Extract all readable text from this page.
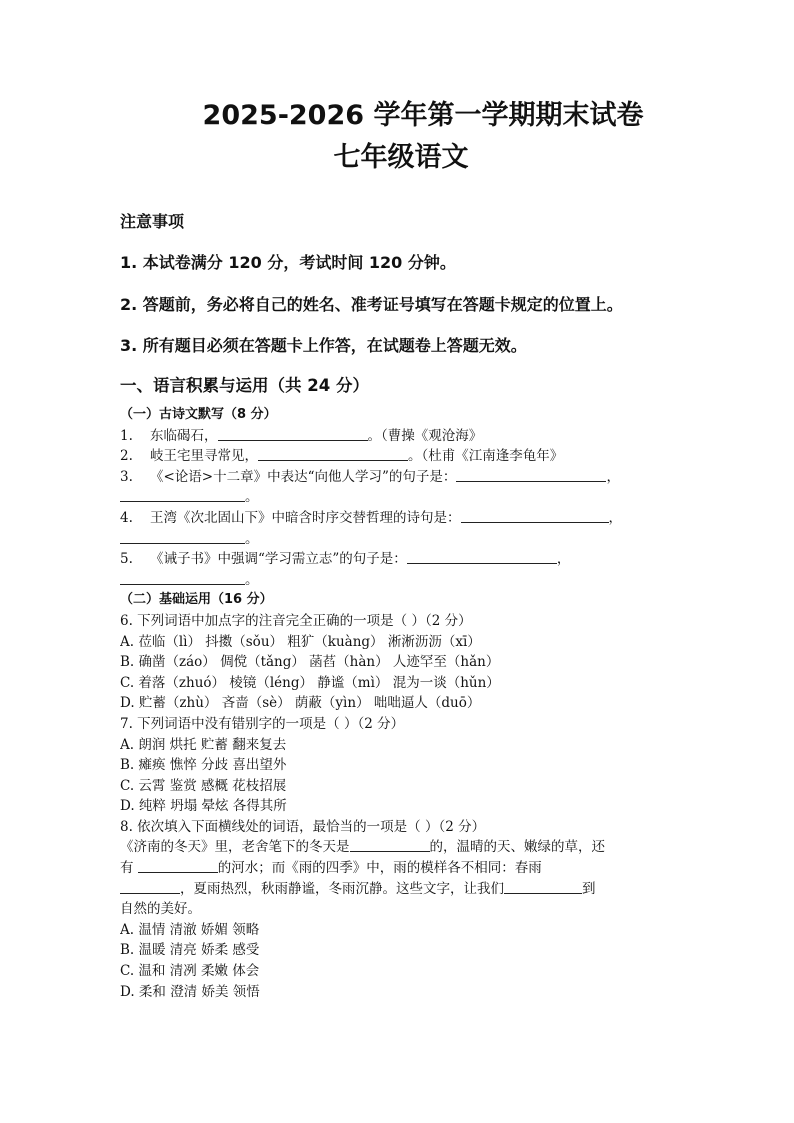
2025-2026 学年第一学期期末试卷
七年级语文
注意事项
1. 本试卷满分 120 分，考试时间 120 分钟。
2. 答题前，务必将自己的姓名、准考证号填写在答题卡规定的位置上。
3. 所有题目必须在答题卡上作答，在试题卷上答题无效。
一、语言积累与运用（共 24 分）
（一）古诗文默写（8 分）
1. 东临碣石，	。（曹操《观沧海》
2. 岐王宅里寻常见，	。（杜甫《江南逢李龟年》
3. 《<论语>十二章》中表达“向他人学习”的句子是：	，
。
4. 王湾《次北固山下》中暗含时序交替哲理的诗句是：	，
。
5. 《诫子书》中强调“学习需立志”的句子是：	，
。
（二）基础运用（16 分）
6. 下列词语中加点字的注音完全正确的一项是（ ）（2 分）
A. 莅临（lì） 抖擞（sǒu） 粗犷（kuàng） 淅淅沥沥（xī）
B. 确凿（záo） 倜傥（tǎng） 菡萏（hàn） 人迹罕至（hǎn）
C. 着落（zhuó） 棱镜（léng） 静谧（mì） 混为一谈（hǔn）
D. 贮蓄（zhù） 吝啬（sè） 荫蔽（yìn） 咄咄逼人（duō）
7. 下列词语中没有错别字的一项是（ ）（2 分）
A. 朗润 烘托 贮蓄 翻来复去
B. 瘫痪 憔悴 分歧 喜出望外
C. 云霄 鉴赏 感概 花枝招展
D. 纯粹 坍塌 晕炫 各得其所
8. 依次填入下面横线处的词语，最恰当的一项是（ ）（2 分）
《济南的冬天》里，老舍笔下的冬天是	的，温晴的天、嫩绿的草，还
有	的河水；而《雨的四季》中，雨的模样各不相同：春雨
，夏雨热烈，秋雨静谧，冬雨沉静。这些文字，让我们	到
自然的美好。
A. 温情 清澈 娇媚 领略
B. 温暖 清亮 娇柔 感受
C. 温和 清冽 柔嫩 体会
D. 柔和 澄清 娇美 领悟
